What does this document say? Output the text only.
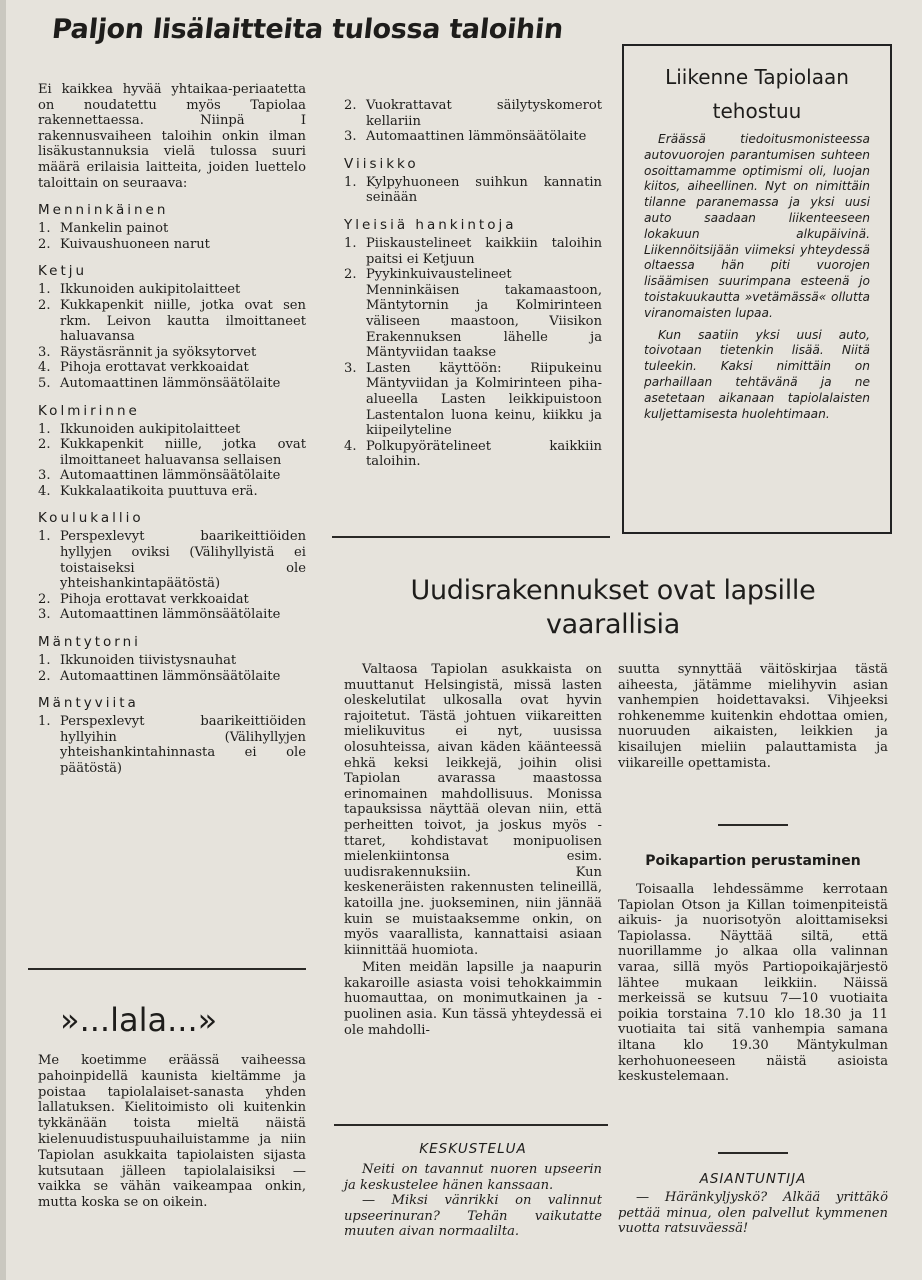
Paljon lisälaitteita tulossa taloihin
Ei kaikkea hyvää yhtaikaa-periaatetta on noudatettu myös Tapiolaa rakennettaessa. Niinpä I rakennusvaiheen taloihin onkin ilman lisäkustannuksia vielä tulossa suuri määrä erilaisia laitteita, joiden luettelo taloittain on seuraava:
Menninkäinen
1. Mankelin painot
2. Kuivaushuoneen narut
Ketju
1. Ikkunoiden aukipitolaitteet
2. Kukkapenkit niille, jotka ovat sen rkm. Leivon kautta ilmoittaneet haluavansa
3. Räystäsrännit ja syöksytorvet
4. Pihoja erottavat verkkoaidat
5. Automaattinen lämmönsäätölaite
Kolmirinne
1. Ikkunoiden aukipitolaitteet
2. Kukkapenkit niille, jotka ovat ilmoittaneet haluavansa sellaisen
3. Automaattinen lämmönsäätölaite
4. Kukkalaatikoita puuttuva erä.
Koulukallio
1. Perspexlevyt baarikeittiöiden hyllyjen oviksi (Välihyllyistä ei toistaiseksi ole yhteishankintapäätöstä)
2. Pihoja erottavat verkkoaidat
3. Automaattinen lämmönsäätölaite
Mäntytorni
1. Ikkunoiden tiivistysnauhat
2. Automaattinen lämmönsäätölaite
Mäntyviita
1. Perspexlevyt baarikeittiöiden hyllyihin (Välihyllyjen yhteishankintahinnasta ei ole päätöstä)
»...lala...»
Me koetimme eräässä vaiheessa pahoinpidellä kaunista kieltämme ja poistaa tapiolalaiset-sanasta yhden lallatuksen. Kielitoimisto oli kuitenkin tykkänään toista mieltä näistä kielenuudistuspuuhailuistamme ja niin Tapiolan asukkaita tapiolaisten sijasta kutsutaan jälleen tapiolalaisiksi — vaikka se vähän vaikeampaa onkin, mutta koska se on oikein.
2. Vuokrattavat säilytyskomerot kellariin
3. Automaattinen lämmönsäätölaite
Viisikko
1. Kylpyhuoneen suihkun kannatin seinään
Yleisiä hankintoja
1. Piiskaustelineet kaikkiin taloihin paitsi ei Ketjuun
2. Pyykinkuivaustelineet Menninkäisen takamaastoon, Mäntytornin ja Kolmirinteen väliseen maastoon, Viisikon Erakennuksen lähelle ja Mäntyviidan taakse
3. Lasten käyttöön: Riipukeinu Mäntyviidan ja Kolmirinteen piha-alueella Lasten leikkipuistoon Lastentalon luona keinu, kiikku ja kiipeilyteline
4. Polkupyörätelineet kaikkiin taloihin.
Liikenne Tapiolaan
tehostuu
Eräässä tiedoitusmonisteessa autovuorojen parantumisen suhteen osoittamamme optimismi oli, luojan kiitos, aiheellinen. Nyt on nimittäin tilanne paranemassa ja yksi uusi auto saadaan liikenteeseen lokakuun alkupäivinä. Liikennöitsijään viimeksi yhteydessä oltaessa hän piti vuorojen lisäämisen suurimpana esteenä jo toistakuukautta »vetämässä« ollutta viranomaisten lupaa.
Kun saatiin yksi uusi auto, toivotaan tietenkin lisää. Niitä tuleekin. Kaksi nimittäin on parhaillaan tehtävänä ja ne asetetaan aikanaan tapiolalaisten kuljettamisesta huolehtimaan.
Uudisrakennukset ovat lapsille
vaarallisia
Valtaosa Tapiolan asukkaista on muuttanut Helsingistä, missä lasten oleskelutilat ulkosalla ovat hyvin rajoitetut. Tästä johtuen viikareitten mielikuvitus ei nyt, uusissa olosuhteissa, aivan käden käänteessä ehkä keksi leikkejä, joihin olisi Tapiolan avarassa maastossa erinomainen mahdollisuus. Monissa tapauksissa näyttää olevan niin, että perheitten toivot, ja joskus myös -ttaret, kohdistavat monipuolisen mielenkiintonsa esim. uudisrakennuksiin. Kun keskeneräisten rakennusten telineillä, katoilla jne. juokseminen, niin jännää kuin se muistaaksemme onkin, on myös vaarallista, kannattaisi asiaan kiinnittää huomiota.
Miten meidän lapsille ja naapurin kakaroille asiasta voisi tehokkaimmin huomauttaa, on monimutkainen ja -puolinen asia. Kun tässä yhteydessä ei ole mahdolli-
KESKUSTELUA
Neiti on tavannut nuoren upseerin ja keskustelee hänen kanssaan.
— Miksi vänrikki on valinnut upseerinuran? Tehän vaikutatte muuten aivan normaalilta.
suutta synnyttää väitöskirjaa tästä aiheesta, jätämme mielihyvin asian vanhempien hoidettavaksi. Vihjeeksi rohkenemme kuitenkin ehdottaa omien, nuoruuden aikaisten, leikkien ja kisailujen mieliin palauttamista ja viikareille opettamista.
Poikapartion perustaminen
Toisaalla lehdessämme kerrotaan Tapiolan Otson ja Killan toimenpiteistä aikuis- ja nuorisotyön aloittamiseksi Tapiolassa. Näyttää siltä, että nuorillamme jo alkaa olla valinnan varaa, sillä myös Partiopoikajärjestö lähtee mukaan leikkiin. Näissä merkeissä se kutsuu 7—10 vuotiaita poikia torstaina 7.10 klo 18.30 ja 11 vuotiaita tai sitä vanhempia samana iltana klo 19.30 Mäntykulman kerhohuoneeseen näistä asioista keskustelemaan.
ASIANTUNTIJA
— Häränkyljyskö? Alkää yrittäkö pettää minua, olen palvellut kymmenen vuotta ratsuväessä!
